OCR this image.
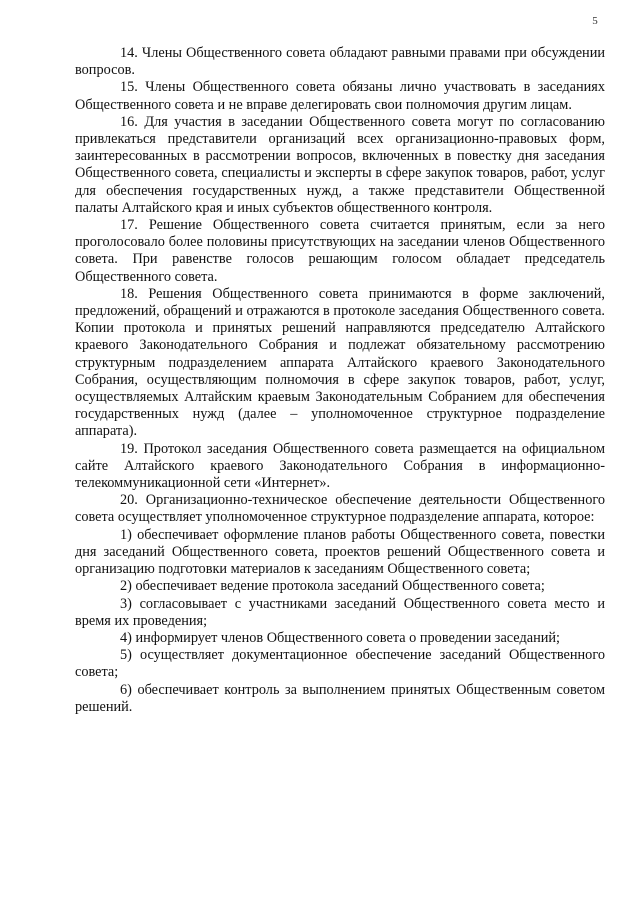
5

14. Члены Общественного совета обладают равными правами при обсуждении вопросов.

15. Члены Общественного совета обязаны лично участвовать в заседаниях Общественного совета и не вправе делегировать свои полномочия другим лицам.

16. Для участия в заседании Общественного совета могут по согласованию привлекаться представители организаций всех организационно-правовых форм, заинтересованных в рассмотрении вопросов, включенных в повестку дня заседания Общественного совета, специалисты и эксперты в сфере закупок товаров, работ, услуг для обеспечения государственных нужд, а также представители Общественной палаты Алтайского края и иных субъектов общественного контроля.

17. Решение Общественного совета считается принятым, если за него проголосовало более половины присутствующих на заседании членов Общественного совета. При равенстве голосов решающим голосом обладает председатель Общественного совета.

18. Решения Общественного совета принимаются в форме заключений, предложений, обращений и отражаются в протоколе заседания Общественного совета. Копии протокола и принятых решений направляются председателю Алтайского краевого Законодательного Собрания и подлежат обязательному рассмотрению структурным подразделением аппарата Алтайского краевого Законодательного Собрания, осуществляющим полномочия в сфере закупок товаров, работ, услуг, осуществляемых Алтайским краевым Законодательным Собранием для обеспечения государственных нужд (далее – уполномоченное структурное подразделение аппарата).

19. Протокол заседания Общественного совета размещается на официальном сайте Алтайского краевого Законодательного Собрания в информационно-телекоммуникационной сети «Интернет».

20. Организационно-техническое обеспечение деятельности Общественного совета осуществляет уполномоченное структурное подразделение аппарата, которое:

1) обеспечивает оформление планов работы Общественного совета, повестки дня заседаний Общественного совета, проектов решений Общественного совета и организацию подготовки материалов к заседаниям Общественного совета;

2) обеспечивает ведение протокола заседаний Общественного совета;

3) согласовывает с участниками заседаний Общественного совета место и время их проведения;

4) информирует членов Общественного совета о проведении заседаний;

5) осуществляет документационное обеспечение заседаний Общественного совета;

6) обеспечивает контроль за выполнением принятых Общественным советом решений.
